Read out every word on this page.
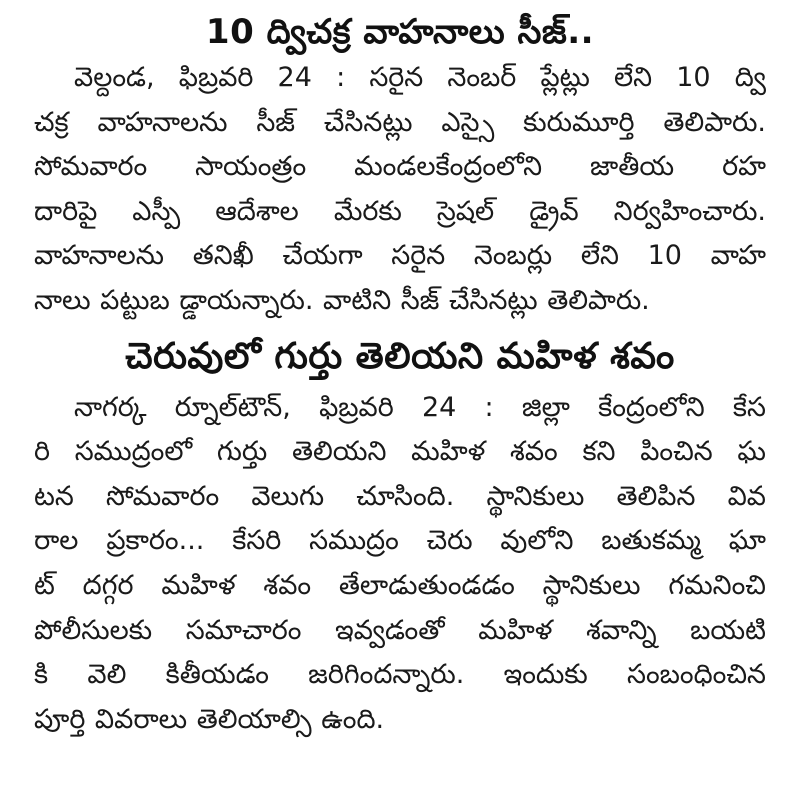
10 ద్విచక్ర వాహనాలు సీజ్..
వెల్దండ, ఫిబ్రవరి 24 : సరైన నెంబర్ ప్లేట్లు లేని 10 ద్వి
చక్ర వాహనాలను సీజ్ చేసినట్లు ఎస్సై కురుమూర్తి తెలిపారు.
సోమవారం సాయంత్రం మండలకేంద్రంలోని జాతీయ రహ
దారిపై ఎస్పీ ఆదేశాల మేరకు స్రెషల్ డ్రైవ్ నిర్వహించారు.
వాహనాలను తనిఖీ చేయగా సరైన నెంబర్లు లేని 10 వాహ
నాలు పట్టుబ డ్డాయన్నారు. వాటిని సీజ్ చేసినట్లు తెలిపారు.
చెరువులో గుర్తు తెలియని మహిళ శవం
నాగర్క ర్నూల్‌టౌన్, ఫిబ్రవరి 24 : జిల్లా కేంద్రంలోని కేస
రి సముద్రంలో గుర్తు తెలియని మహిళ శవం కని పించిన ఘ
టన సోమవారం వెలుగు చూసింది. స్థానికులు తెలిపిన వివ
రాల ప్రకారం... కేసరి సముద్రం చెరు వులోని బతుకమ్మ ఘా
ట్ దగ్గర మహిళ శవం తేలాడుతుండడం స్థానికులు గమనించి
పోలీసులకు సమాచారం ఇవ్వడంతో మహిళ శవాన్ని బయటి
కి వెలి కితీయడం జరిగిందన్నారు. ఇందుకు సంబంధించిన
పూర్తి వివరాలు తెలియాల్సి ఉంది.
